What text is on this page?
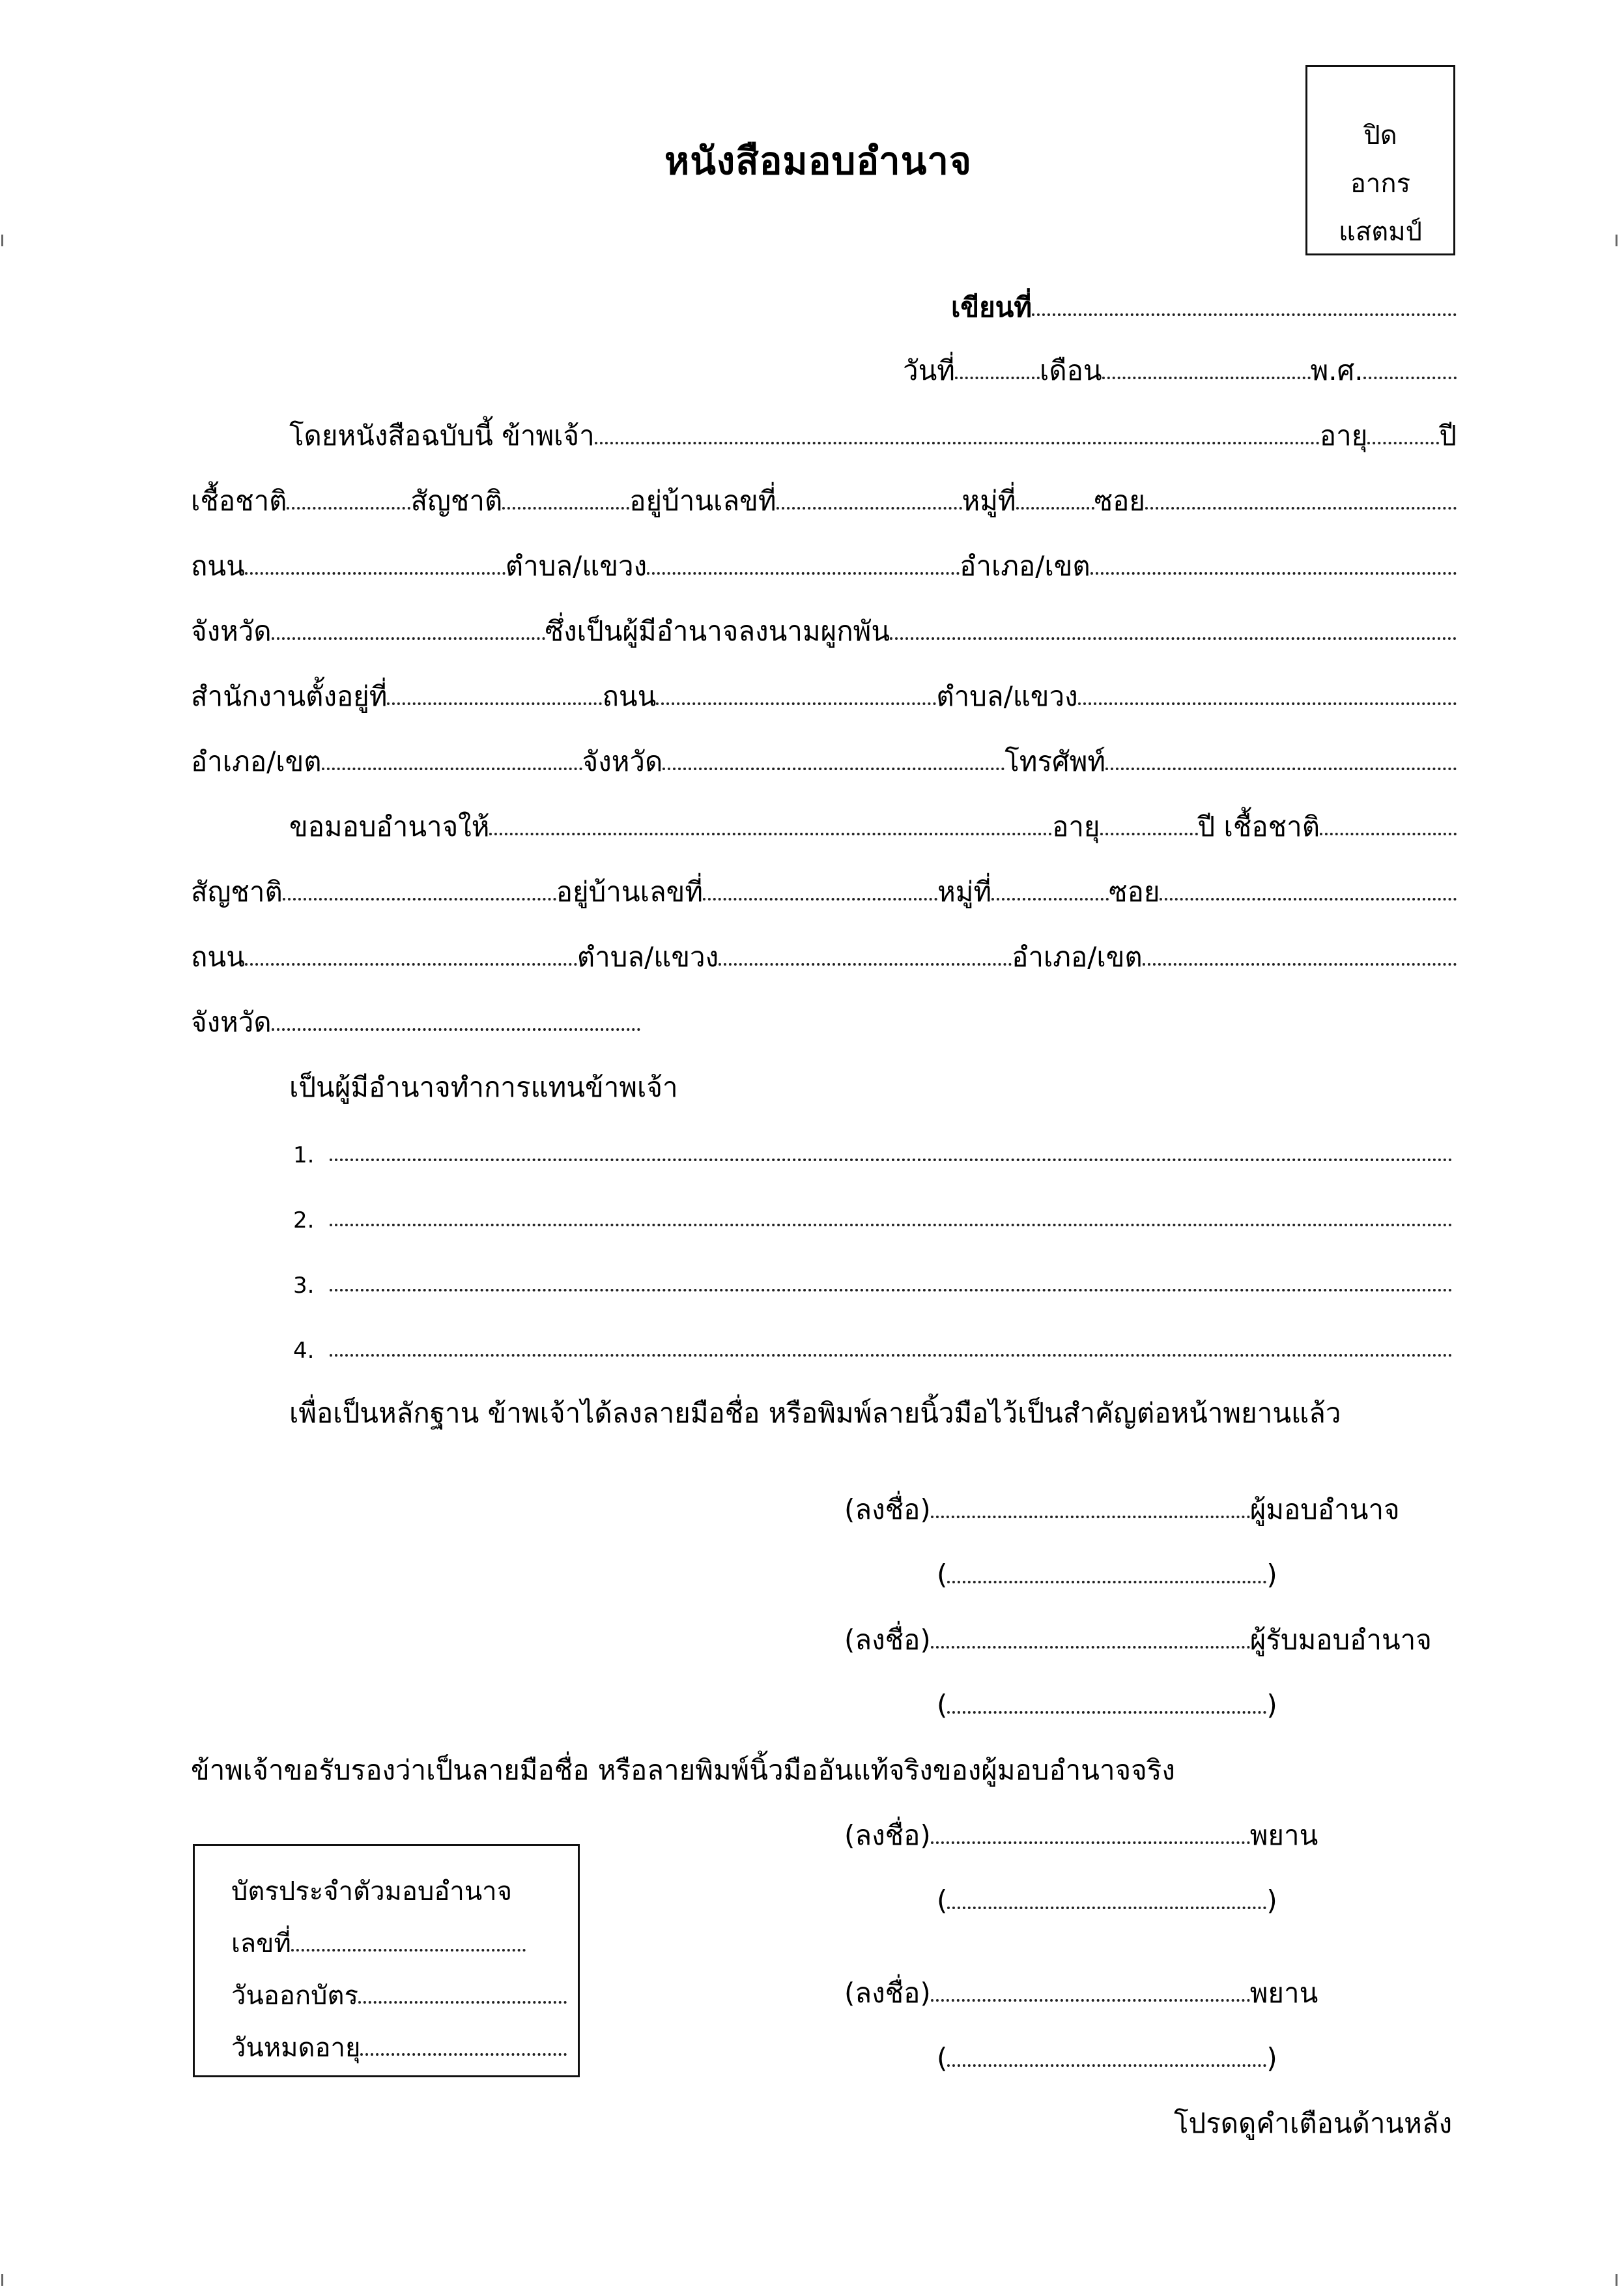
หนังสือมอบอำนาจ
ปิด
อากร
แสตมป์
เขียนที่
วันที่	เดือน	พ.ศ.
โดยหนังสือฉบับนี้ ข้าพเจ้า	อายุ	ปี
เชื้อชาติ	สัญชาติ	อยู่บ้านเลขที่	หมู่ที่	ซอย
ถนน	ตำบล/แขวง	อำเภอ/เขต
จังหวัด	ซึ่งเป็นผู้มีอำนาจลงนามผูกพัน
สำนักงานตั้งอยู่ที่	ถนน	ตำบล/แขวง
อำเภอ/เขต	จังหวัด	โทรศัพท์
ขอมอบอำนาจให้	อายุ	ปี เชื้อชาติ
สัญชาติ	อยู่บ้านเลขที่	หมู่ที่	ซอย
ถนน	ตำบล/แขวง	อำเภอ/เขต
จังหวัด
เป็นผู้มีอำนาจทำการแทนข้าพเจ้า
1.
2.
3.
4.
เพื่อเป็นหลักฐาน ข้าพเจ้าได้ลงลายมือชื่อ หรือพิมพ์ลายนิ้วมือไว้เป็นสำคัญต่อหน้าพยานแล้ว
(ลงชื่อ)	ผู้มอบอำนาจ
(	)
(ลงชื่อ)	ผู้รับมอบอำนาจ
(	)
ข้าพเจ้าขอรับรองว่าเป็นลายมือชื่อ หรือลายพิมพ์นิ้วมืออันแท้จริงของผู้มอบอำนาจจริง
(ลงชื่อ)	พยาน
(	)
(ลงชื่อ)	พยาน
(	)
บัตรประจำตัวมอบอำนาจ
เลขที่
วันออกบัตร
วันหมดอายุ
โปรดดูคำเตือนด้านหลัง
